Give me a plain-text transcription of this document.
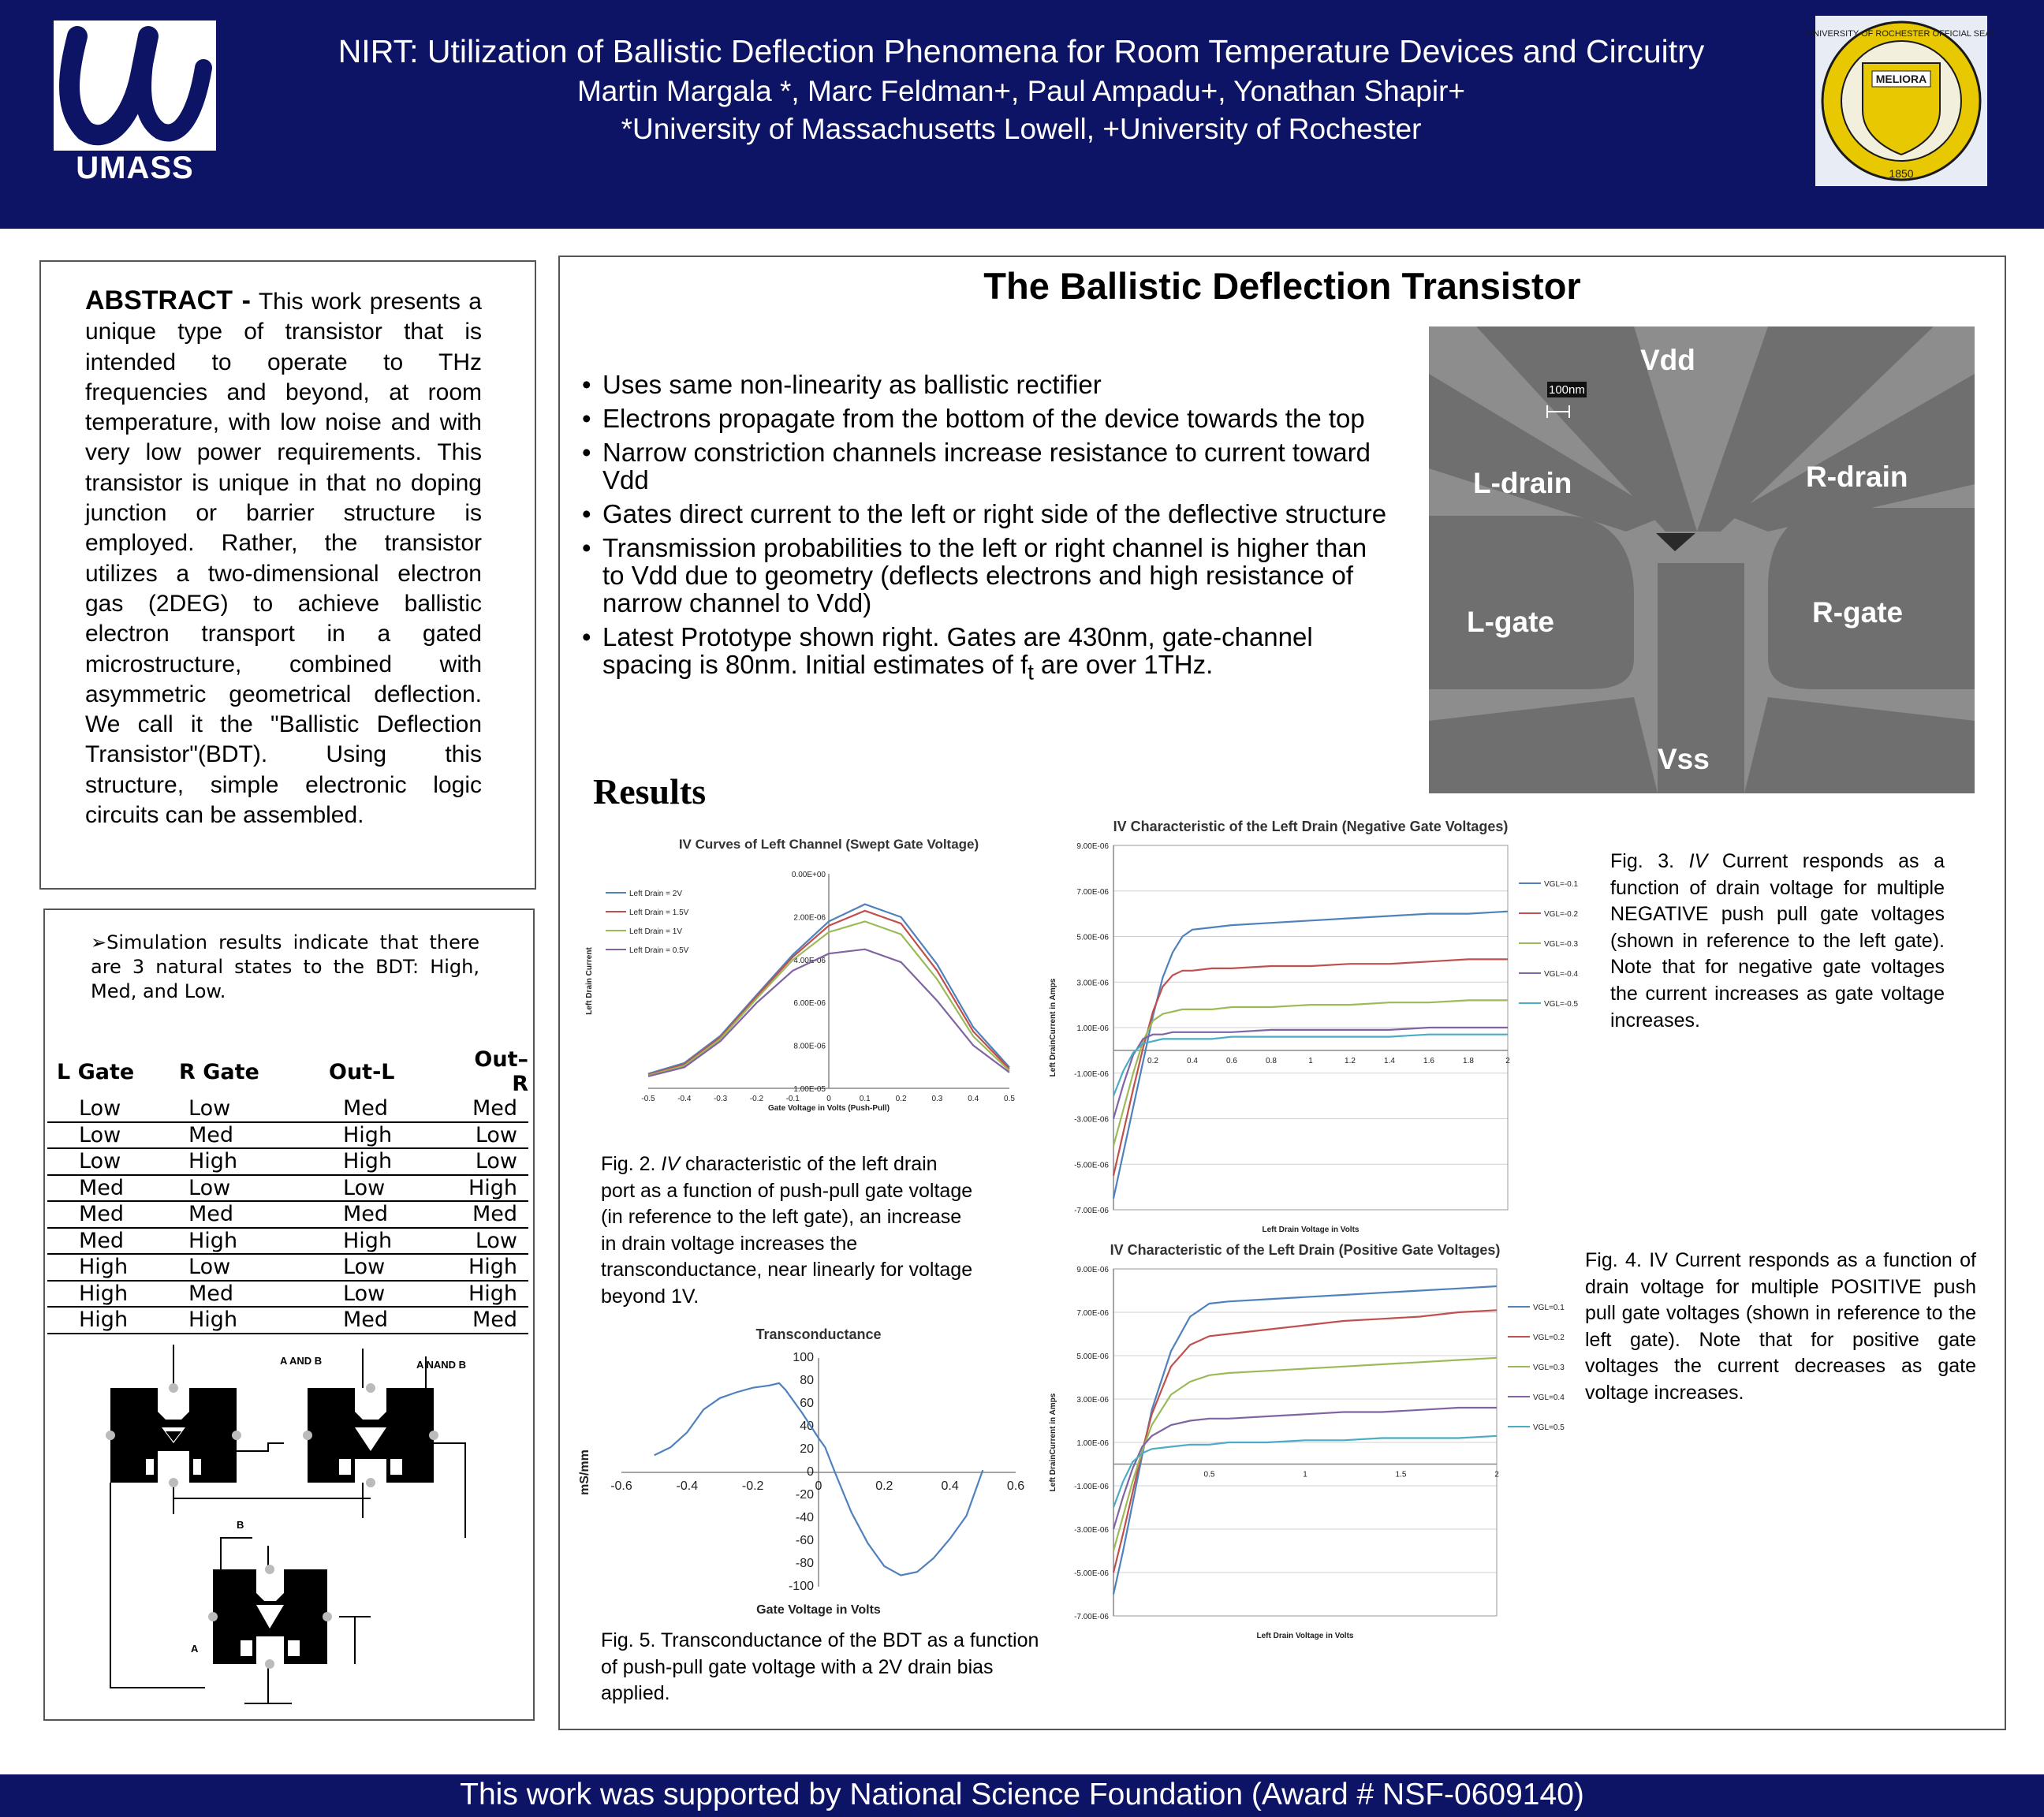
UMASS
NIRT: Utilization of Ballistic Deflection Phenomena for Room Temperature Devices and Circuitry
Martin Margala *, Marc Feldman+, Paul Ampadu+, Yonathan Shapir+
*University of Massachusetts Lowell, +University of Rochester
MELIORA
1850
UNIVERSITY OF ROCHESTER OFFICIAL SEAL
ABSTRACT - This work presents a unique type of transistor that is intended to operate to THz frequencies and beyond, at room temperature, with low noise and with very low power requirements. This transistor is unique in that no doping junction or barrier structure is employed. Rather, the transistor utilizes a two-dimensional electron gas (2DEG) to achieve ballistic electron transport in a gated microstructure, combined with asymmetric geometrical deflection. We call it the "Ballistic Deflection Transistor"(BDT). Using this structure, simple electronic logic circuits can be assembled.
➢Simulation results indicate that there are 3 natural states to the BDT: High, Med, and Low.
L Gate	R Gate	Out-L	Out–R
Low	Low	Med	Med
Low	Med	High	Low
Low	High	High	Low
Med	Low	Low	High
Med	Med	Med	Med
Med	High	High	Low
High	Low	Low	High
High	Med	Low	High
High	High	Med	Med
A AND B	A NAND B
B
A
The Ballistic Deflection Transistor
• Uses same non-linearity as ballistic rectifier
• Electrons propagate from the bottom of the device towards the top
• Narrow constriction channels increase resistance to current toward Vdd
• Gates direct current to the left or right side of the deflective structure
• Transmission probabilities to the left or right channel is higher than to Vdd due to geometry (deflects electrons and high resistance of narrow channel to Vdd)
• Latest Prototype shown right. Gates are 430nm, gate-channel spacing is 80nm. Initial estimates of $f_t$ are over 1THz.
100nm
Vdd
L-drain	R-drain
L-gate	R-gate
Vss
Results
IV Curves of Left Channel (Swept Gate Voltage)
0.00E+00
2.00E-06
4.00E-06
6.00E-06
8.00E-06
1.00E-05
-0.5	-0.4	-0.3	-0.2	-0.1	0	0.1	0.2	0.3	0.4	0.5
Gate Voltage in Volts (Push-Pull)
Left Drain Current
Left Drain = 2V
Left Drain = 1.5V
Left Drain = 1V
Left Drain = 0.5V
IV Characteristic of the Left Drain (Negative Gate Voltages)
9.00E-06
7.00E-06
5.00E-06
3.00E-06
1.00E-06
-1.00E-06
-3.00E-06
-5.00E-06
-7.00E-06
0.2	0.4	0.6	0.8	1	1.2	1.4	1.6	1.8	2
Left Drain Voltage in Volts
Left DrainCurrent in Amps
VGL=-0.1
VGL=-0.2
VGL=-0.3
VGL=-0.4
VGL=-0.5
IV Characteristic of the Left Drain (Positive Gate Voltages)
9.00E-06
7.00E-06
5.00E-06
3.00E-06
1.00E-06
-1.00E-06
-3.00E-06
-5.00E-06
-7.00E-06
0.5	1	1.5	2
Left Drain Voltage in Volts
Left DrainCurrent in Amps
VGL=0.1
VGL=0.2
VGL=0.3
VGL=0.4
VGL=0.5
Transconductance
100
80
60
40
20
0
-20
-40
-60
-80
-100
-0.6	-0.4	-0.2	0	0.2	0.4	0.6
Gate Voltage in Volts
mS/mm
Fig. 2. IV characteristic of the left drain port as a function of push-pull gate voltage (in reference to the left gate), an increase in drain voltage increases the transconductance, near linearly for voltage beyond 1V.
Fig. 3. IV Current responds as a function of drain voltage for multiple NEGATIVE push pull gate voltages (shown in reference to the left gate). Note that for negative gate voltages the current increases as gate voltage increases.
Fig. 4. IV Current responds as a function of drain voltage for multiple POSITIVE push pull gate voltages (shown in reference to the left gate). Note that for positive gate voltages the current decreases as gate voltage increases.
Fig. 5. Transconductance of the BDT as a function of push-pull gate voltage with a 2V drain bias applied.
This work was supported by National Science Foundation (Award # NSF-0609140)
